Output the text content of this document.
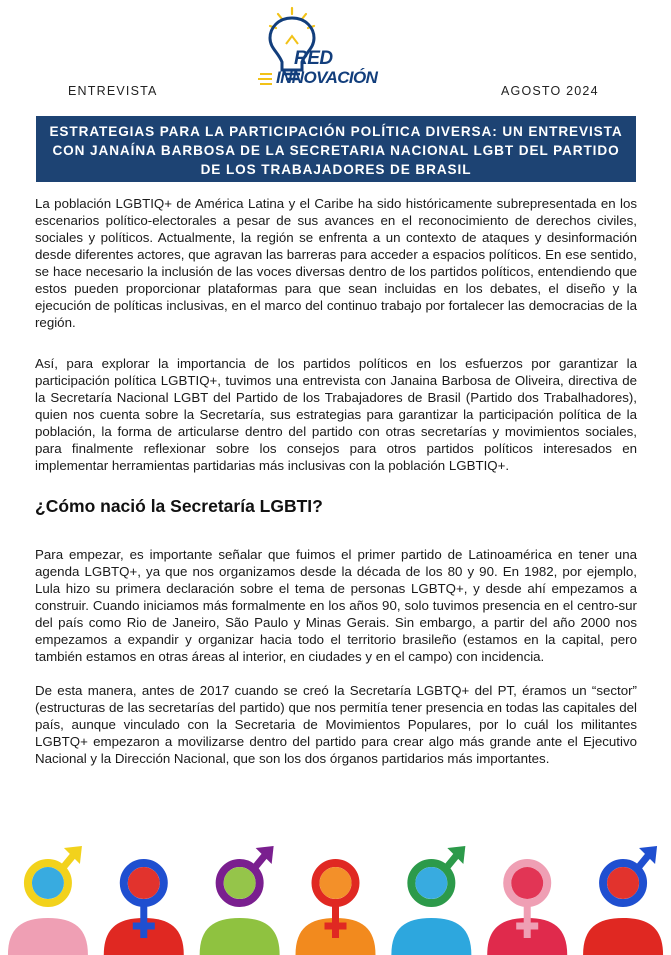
ENTREVISTA
RED
INNOVACIÓN
AGOSTO 2024
ESTRATEGIAS PARA LA PARTICIPACIÓN POLÍTICA DIVERSA: UN ENTREVISTA CON JANAÍNA BARBOSA DE LA SECRETARIA NACIONAL LGBT DEL PARTIDO DE LOS TRABAJADORES DE BRASIL

La población LGBTIQ+ de América Latina y el Caribe ha sido históricamente subrepresentada en los escenarios político-electorales a pesar de sus avances en el reconocimiento de derechos civiles, sociales y políticos. Actualmente, la región se enfrenta a un contexto de ataques y desinformación desde diferentes actores, que agravan las barreras para acceder a espacios políticos. En ese sentido, se hace necesario la inclusión de las voces diversas dentro de los partidos políticos, entendiendo que estos pueden proporcionar plataformas para que sean incluidas en los debates, el diseño y la ejecución de políticas inclusivas, en el marco del continuo trabajo por fortalecer las democracias de la región.

Así, para explorar la importancia de los partidos políticos en los esfuerzos por garantizar la participación política LGBTIQ+, tuvimos una entrevista con Janaina Barbosa de Oliveira, directiva de la Secretaría Nacional LGBT del Partido de los Trabajadores de Brasil (Partido dos Trabalhadores), quien nos cuenta sobre la Secretaría, sus estrategias para garantizar la participación política de la población, la forma de articularse dentro del partido con otras secretarías y movimientos sociales, para finalmente reflexionar sobre los consejos para otros partidos políticos interesados en implementar herramientas partidarias más inclusivas con la población LGBTIQ+.

¿Cómo nació la Secretaría LGBTI?

Para empezar, es importante señalar que fuimos el primer partido de Latinoamérica en tener una agenda LGBTQ+, ya que nos organizamos desde la década de los 80 y 90. En 1982, por ejemplo, Lula hizo su primera declaración sobre el tema de personas LGBTQ+, y desde ahí empezamos a construir. Cuando iniciamos más formalmente en los años 90, solo tuvimos presencia en el centro-sur del país como Rio de Janeiro, São Paulo y Minas Gerais. Sin embargo, a partir del año 2000 nos empezamos a expandir y organizar hacia todo el territorio brasileño (estamos en la capital, pero también estamos en otras áreas al interior, en ciudades y en el campo) con incidencia.

De esta manera, antes de 2017 cuando se creó la Secretaría LGBTQ+ del PT, éramos un “sector” (estructuras de las secretarías del partido) que nos permitía tener presencia en todas las capitales del país, aunque vinculado con la Secretaria de Movimientos Populares, por lo cuál los militantes LGBTQ+ empezaron a movilizarse dentro del partido para crear algo más grande ante el Ejecutivo Nacional y la Dirección Nacional, que son los dos órganos partidarios más importantes.
